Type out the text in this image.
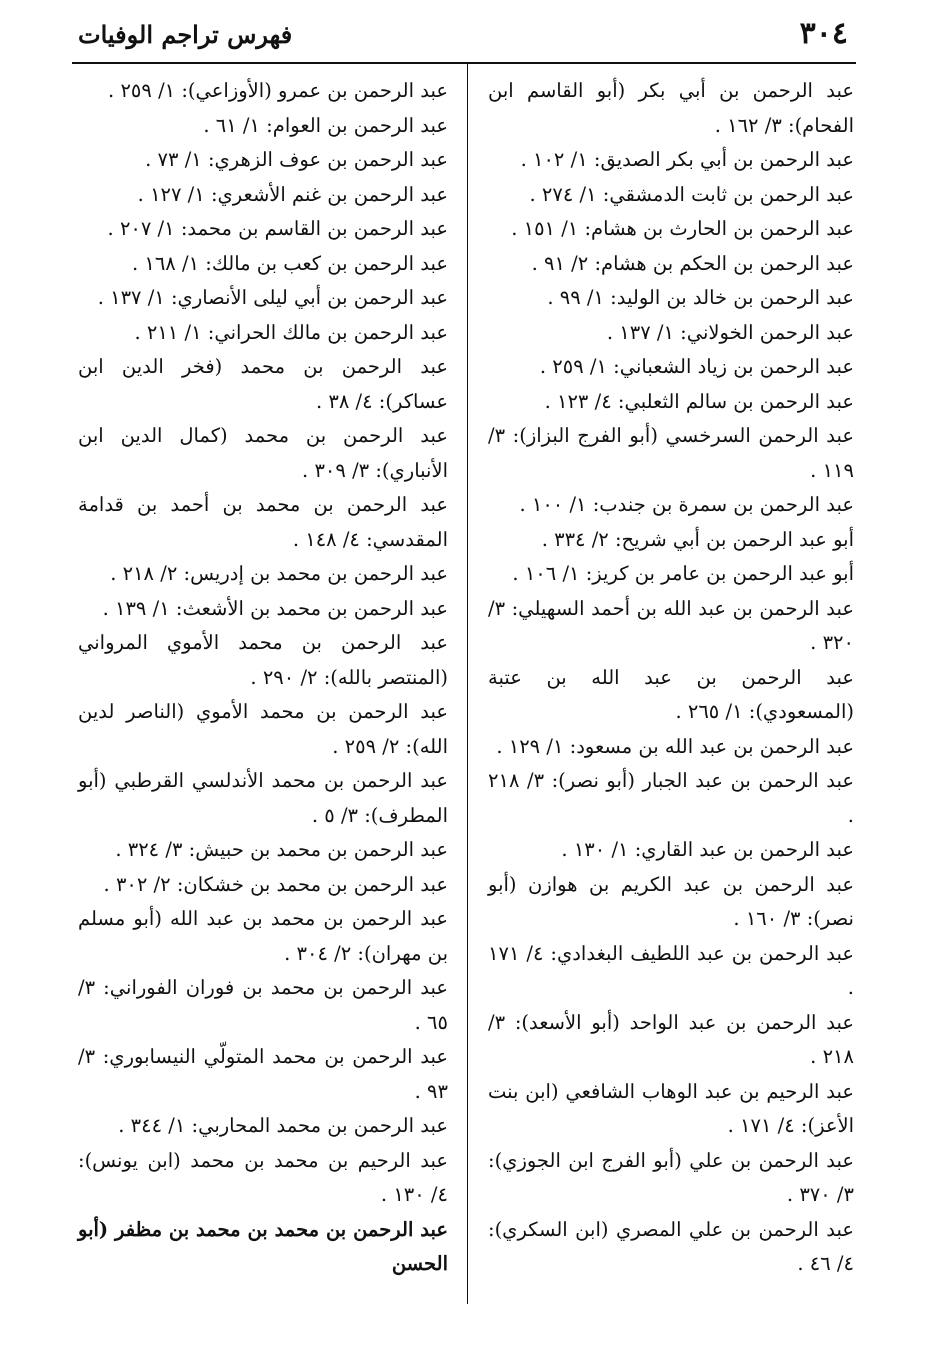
٣٠٤
فهرس تراجم الوفيات

عبد الرحمن بن أبي بكر (أبو القاسم ابن الفحام): ٣/ ١٦٢ .

عبد الرحمن بن أبي بكر الصديق: ١/ ١٠٢ .

عبد الرحمن بن ثابت الدمشقي: ١/ ٢٧٤ .

عبد الرحمن بن الحارث بن هشام: ١/ ١٥١ .

عبد الرحمن بن الحكم بن هشام: ٢/ ٩١ .

عبد الرحمن بن خالد بن الوليد: ١/ ٩٩ .

عبد الرحمن الخولاني: ١/ ١٣٧ .

عبد الرحمن بن زياد الشعباني: ١/ ٢٥٩ .

عبد الرحمن بن سالم الثعلبي: ٤/ ١٢٣ .

عبد الرحمن السرخسي (أبو الفرج البزاز): ٣/ ١١٩ .

عبد الرحمن بن سمرة بن جندب: ١/ ١٠٠ .

أبو عبد الرحمن بن أبي شريح: ٢/ ٣٣٤ .

أبو عبد الرحمن بن عامر بن كريز: ١/ ١٠٦ .

عبد الرحمن بن عبد الله بن أحمد السهيلي: ٣/ ٣٢٠ .

عبد الرحمن بن عبد الله بن عتبة (المسعودي): ١/ ٢٦٥ .

عبد الرحمن بن عبد الله بن مسعود: ١/ ١٢٩ .

عبد الرحمن بن عبد الجبار (أبو نصر): ٣/ ٢١٨ .

عبد الرحمن بن عبد القاري: ١/ ١٣٠ .

عبد الرحمن بن عبد الكريم بن هوازن (أبو نصر): ٣/ ١٦٠ .

عبد الرحمن بن عبد اللطيف البغدادي: ٤/ ١٧١ .

عبد الرحمن بن عبد الواحد (أبو الأسعد): ٣/ ٢١٨ .

عبد الرحيم بن عبد الوهاب الشافعي (ابن بنت الأعز): ٤/ ١٧١ .

عبد الرحمن بن علي (أبو الفرج ابن الجوزي): ٣/ ٣٧٠ .

عبد الرحمن بن علي المصري (ابن السكري): ٤/ ٤٦ .

عبد الرحمن بن عمرو (الأوزاعي): ١/ ٢٥٩ .

عبد الرحمن بن العوام: ١/ ٦١ .

عبد الرحمن بن عوف الزهري: ١/ ٧٣ .

عبد الرحمن بن غنم الأشعري: ١/ ١٢٧ .

عبد الرحمن بن القاسم بن محمد: ١/ ٢٠٧ .

عبد الرحمن بن كعب بن مالك: ١/ ١٦٨ .

عبد الرحمن بن أبي ليلى الأنصاري: ١/ ١٣٧ .

عبد الرحمن بن مالك الحراني: ١/ ٢١١ .

عبد الرحمن بن محمد (فخر الدين ابن عساكر): ٤/ ٣٨ .

عبد الرحمن بن محمد (كمال الدين ابن الأنباري): ٣/ ٣٠٩ .

عبد الرحمن بن محمد بن أحمد بن قدامة المقدسي: ٤/ ١٤٨ .

عبد الرحمن بن محمد بن إدريس: ٢/ ٢١٨ .

عبد الرحمن بن محمد بن الأشعث: ١/ ١٣٩ .

عبد الرحمن بن محمد الأموي المرواني (المنتصر بالله): ٢/ ٢٩٠ .

عبد الرحمن بن محمد الأموي (الناصر لدين الله): ٢/ ٢٥٩ .

عبد الرحمن بن محمد الأندلسي القرطبي (أبو المطرف): ٣/ ٥ .

عبد الرحمن بن محمد بن حبيش: ٣/ ٣٢٤ .

عبد الرحمن بن محمد بن خشكان: ٢/ ٣٠٢ .

عبد الرحمن بن محمد بن عبد الله (أبو مسلم بن مهران): ٢/ ٣٠٤ .

عبد الرحمن بن محمد بن فوران الفوراني: ٣/ ٦٥ .

عبد الرحمن بن محمد المتولّي النيسابوري: ٣/ ٩٣ .

عبد الرحمن بن محمد المحاربي: ١/ ٣٤٤ .

عبد الرحيم بن محمد بن محمد (ابن يونس): ٤/ ١٣٠ .

عبد الرحمن بن محمد بن محمد بن مظفر (أبو الحسن
